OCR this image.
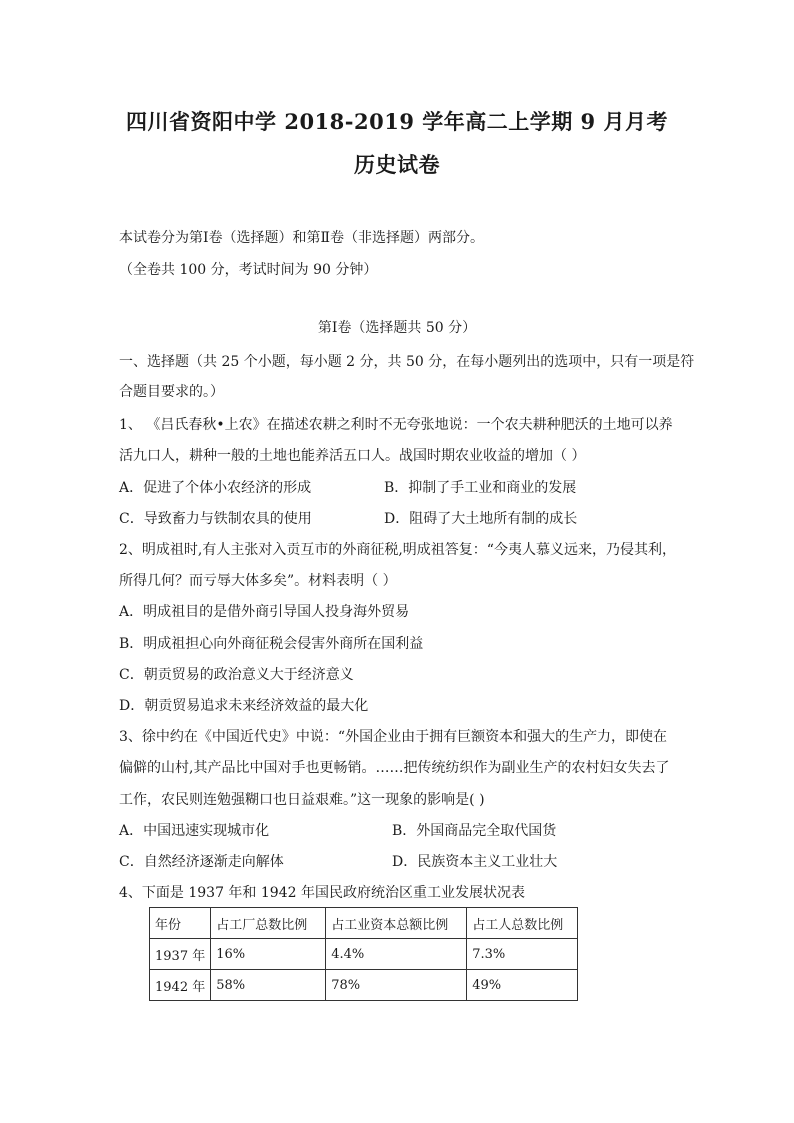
四川省资阳中学 2018-2019 学年高二上学期 9 月月考
历史试卷
本试卷分为第Ⅰ卷（选择题）和第Ⅱ卷（非选择题）两部分。
（全卷共 100 分，考试时间为 90 分钟）
第Ⅰ卷（选择题共 50 分）
一、选择题（共 25 个小题，每小题 2 分，共 50 分，在每小题列出的选项中，只有一项是符
合题目要求的。）
1、 《吕氏春秋•上农》在描述农耕之利时不无夸张地说：一个农夫耕种肥沃的土地可以养
活九口人，耕种一般的土地也能养活五口人。战国时期农业收益的增加（ ）
A．促进了个体小农经济的形成	B．抑制了手工业和商业的发展
C．导致畜力与铁制农具的使用	D．阻碍了大土地所有制的成长
2、明成祖时,有人主张对入贡互市的外商征税,明成祖答复：“今夷人慕义远来，乃侵其利，
所得几何？而亏辱大体多矣”。材料表明（ ）
A．明成祖目的是借外商引导国人投身海外贸易
B．明成祖担心向外商征税会侵害外商所在国利益
C．朝贡贸易的政治意义大于经济意义
D．朝贡贸易追求未来经济效益的最大化
3、徐中约在《中国近代史》中说：“外国企业由于拥有巨额资本和强大的生产力，即使在
偏僻的山村,其产品比中国对手也更畅销。……把传统纺织作为副业生产的农村妇女失去了
工作，农民则连勉强糊口也日益艰难。”这一现象的影响是( )
A．中国迅速实现城市化	B．外国商品完全取代国货
C．自然经济逐渐走向解体	D．民族资本主义工业壮大
4、下面是 1937 年和 1942 年国民政府统治区重工业发展状况表
年份	占工厂总数比例	占工业资本总额比例	占工人总数比例
1937 年	16%	4.4%	7.3%
1942 年	58%	78%	49%
